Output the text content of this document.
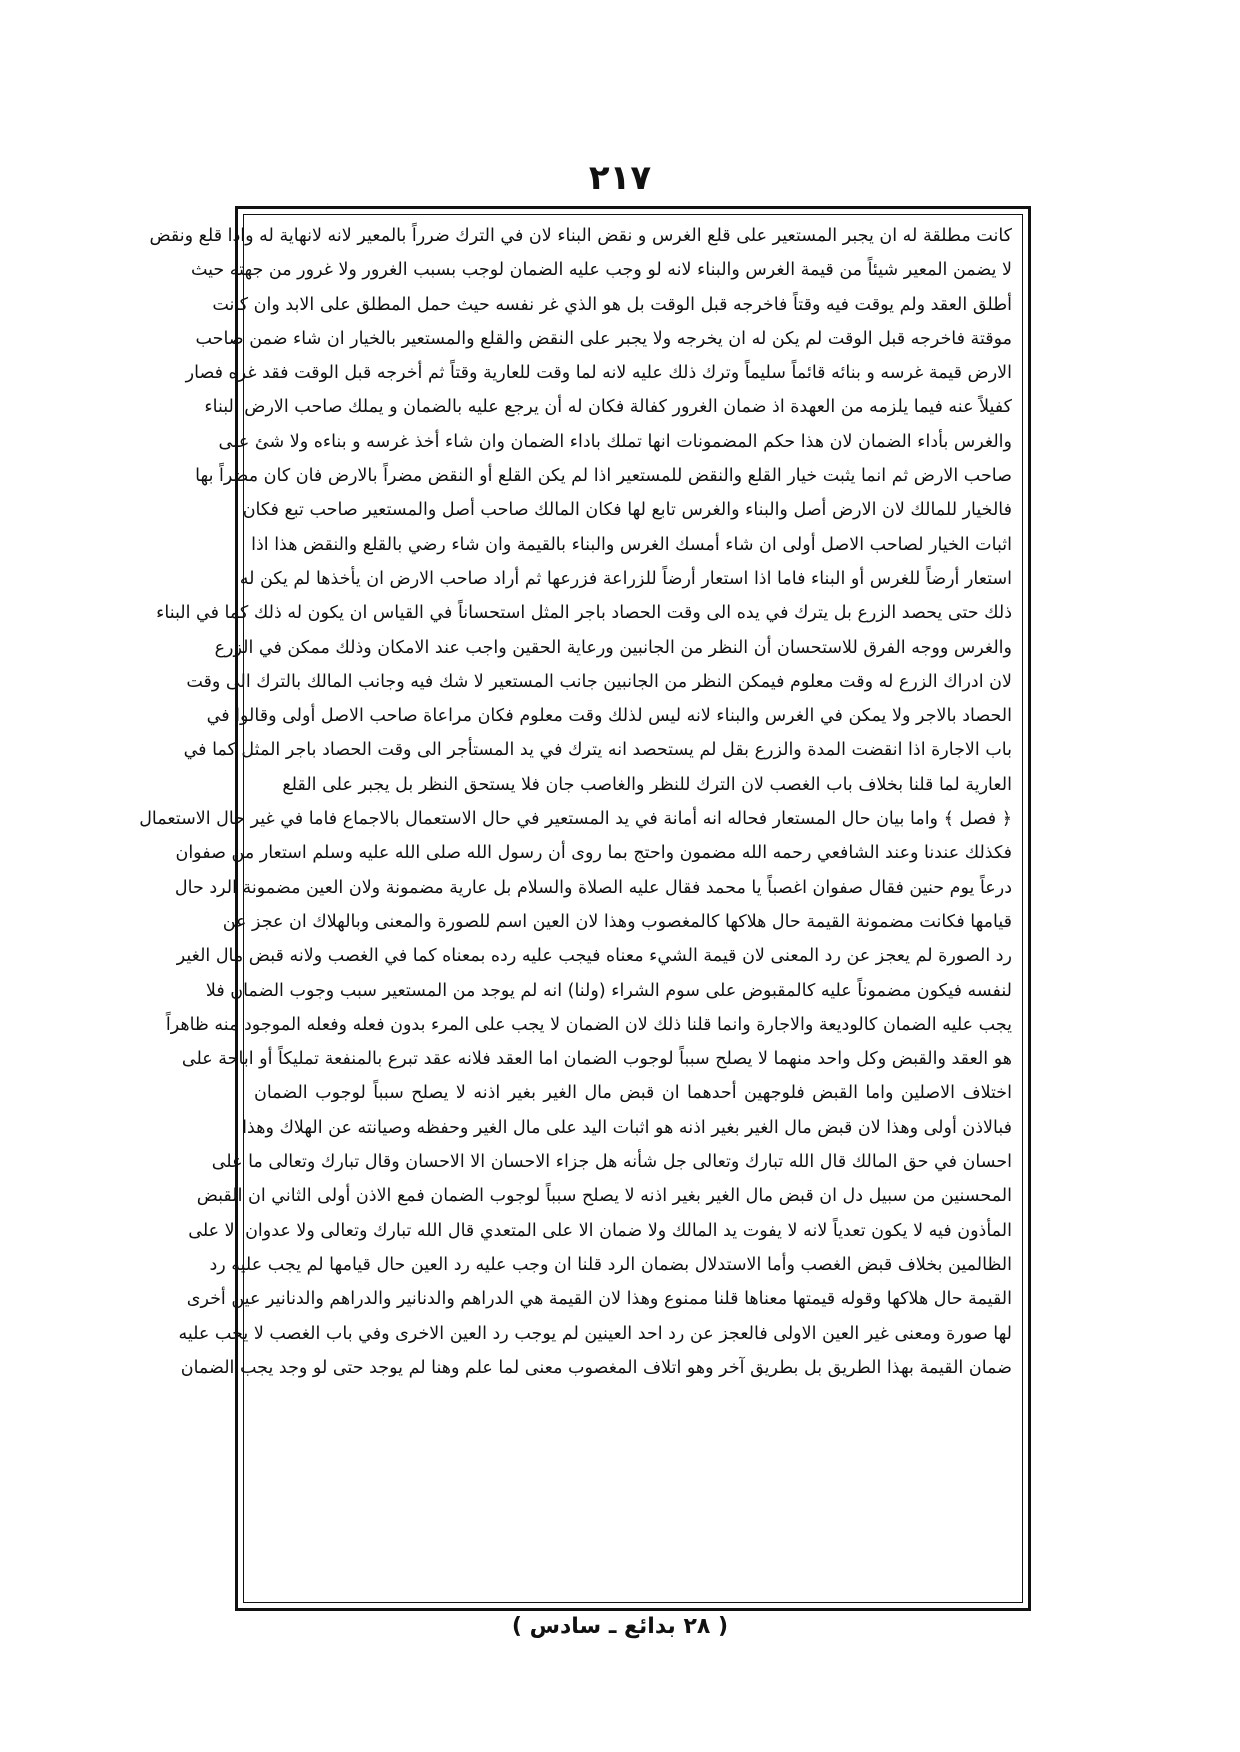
٢١٧
كانت مطلقة له ان يجبر المستعير على قلع الغرس و نقض البناء لان في الترك ضرراً بالمعير لانه لانهاية له واذا قلع ونقض
لا يضمن المعير شيئاً من قيمة الغرس والبناء لانه لو وجب عليه الضمان لوجب بسبب الغرور ولا غرور من جهته حيث
أطلق العقد ولم يوقت فيه وقتاً فاخرجه قبل الوقت بل هو الذي غر نفسه حيث حمل المطلق على الابد وان كانت
موقتة فاخرجه قبل الوقت لم يكن له ان يخرجه ولا يجبر على النقض والقلع والمستعير بالخيار ان شاء ضمن صاحب
الارض قيمة غرسه و بنائه قائماً سليماً وترك ذلك عليه لانه لما وقت للعارية وقتاً ثم أخرجه قبل الوقت فقد غره فصار
كفيلاً عنه فيما يلزمه من العهدة اذ ضمان الغرور كفالة فكان له أن يرجع عليه بالضمان و يملك صاحب الارض البناء
والغرس بأداء الضمان لان هذا حكم المضمونات انها تملك باداء الضمان وان شاء أخذ غرسه و بناءه ولا شئ على
صاحب الارض ثم انما يثبت خيار القلع والنقض للمستعير اذا لم يكن القلع أو النقض مضراً بالارض فان كان مضراً بها
فالخيار للمالك لان الارض أصل والبناء والغرس تابع لها فكان المالك صاحب أصل والمستعير صاحب تبع فكان
اثبات الخيار لصاحب الاصل أولى ان شاء أمسك الغرس والبناء بالقيمة وان شاء رضي بالقلع والنقض هذا اذا
استعار أرضاً للغرس أو البناء فاما اذا استعار أرضاً للزراعة فزرعها ثم أراد صاحب الارض ان يأخذها لم يكن له
ذلك حتى يحصد الزرع بل يترك في يده الى وقت الحصاد باجر المثل استحساناً في القياس ان يكون له ذلك كما في البناء
والغرس ووجه الفرق للاستحسان أن النظر من الجانبين ورعاية الحقين واجب عند الامكان وذلك ممكن في الزرع
لان ادراك الزرع له وقت معلوم فيمكن النظر من الجانبين جانب المستعير لا شك فيه وجانب المالك بالترك الى وقت
الحصاد بالاجر ولا يمكن في الغرس والبناء لانه ليس لذلك وقت معلوم فكان مراعاة صاحب الاصل أولى وقالوا في
باب الاجارة اذا انقضت المدة والزرع بقل لم يستحصد انه يترك في يد المستأجر الى وقت الحصاد باجر المثل كما في
العارية لما قلنا بخلاف باب الغصب لان الترك للنظر والغاصب جان فلا يستحق النظر بل يجبر على القلع
﴿ فصل ﴾ واما بيان حال المستعار فحاله انه أمانة في يد المستعير في حال الاستعمال بالاجماع فاما في غير حال الاستعمال
فكذلك عندنا وعند الشافعي رحمه الله مضمون واحتج بما روى أن رسول الله صلى الله عليه وسلم استعار من صفوان
درعاً يوم حنين فقال صفوان اغصباً يا محمد فقال عليه الصلاة والسلام بل عارية مضمونة ولان العين مضمونة الرد حال
قيامها فكانت مضمونة القيمة حال هلاكها كالمغصوب وهذا لان العين اسم للصورة والمعنى وبالهلاك ان عجز عن
رد الصورة لم يعجز عن رد المعنى لان قيمة الشيء معناه فيجب عليه رده بمعناه كما في الغصب ولانه قبض مال الغير
لنفسه فيكون مضموناً عليه كالمقبوض على سوم الشراء (ولنا) انه لم يوجد من المستعير سبب وجوب الضمان فلا
يجب عليه الضمان كالوديعة والاجارة وانما قلنا ذلك لان الضمان لا يجب على المرء بدون فعله وفعله الموجود منه ظاهراً
هو العقد والقبض وكل واحد منهما لا يصلح سبباً لوجوب الضمان اما العقد فلانه عقد تبرع بالمنفعة تمليكاً أو اباحة على
اختلاف الاصلين واما القبض فلوجهين أحدهما ان قبض مال الغير بغير اذنه لا يصلح سبباً لوجوب الضمان
فبالاذن أولى وهذا لان قبض مال الغير بغير اذنه هو اثبات اليد على مال الغير وحفظه وصيانته عن الهلاك وهذا
احسان في حق المالك قال الله تبارك وتعالى جل شأنه هل جزاء الاحسان الا الاحسان وقال تبارك وتعالى ما على
المحسنين من سبيل دل ان قبض مال الغير بغير اذنه لا يصلح سبباً لوجوب الضمان فمع الاذن أولى الثاني ان القبض
المأذون فيه لا يكون تعدياً لانه لا يفوت يد المالك ولا ضمان الا على المتعدي قال الله تبارك وتعالى ولا عدوان الا على
الظالمين بخلاف قبض الغصب وأما الاستدلال بضمان الرد قلنا ان وجب عليه رد العين حال قيامها لم يجب عليه رد
القيمة حال هلاكها وقوله قيمتها معناها قلنا ممنوع وهذا لان القيمة هي الدراهم والدنانير والدراهم والدنانير عين أخرى
لها صورة ومعنى غير العين الاولى فالعجز عن رد احد العينين لم يوجب رد العين الاخرى وفي باب الغصب لا يجب عليه
ضمان القيمة بهذا الطريق بل بطريق آخر وهو اتلاف المغصوب معنى لما علم وهنا لم يوجد حتى لو وجد يجب الضمان
( ٢٨ بدائع ـ سادس )
